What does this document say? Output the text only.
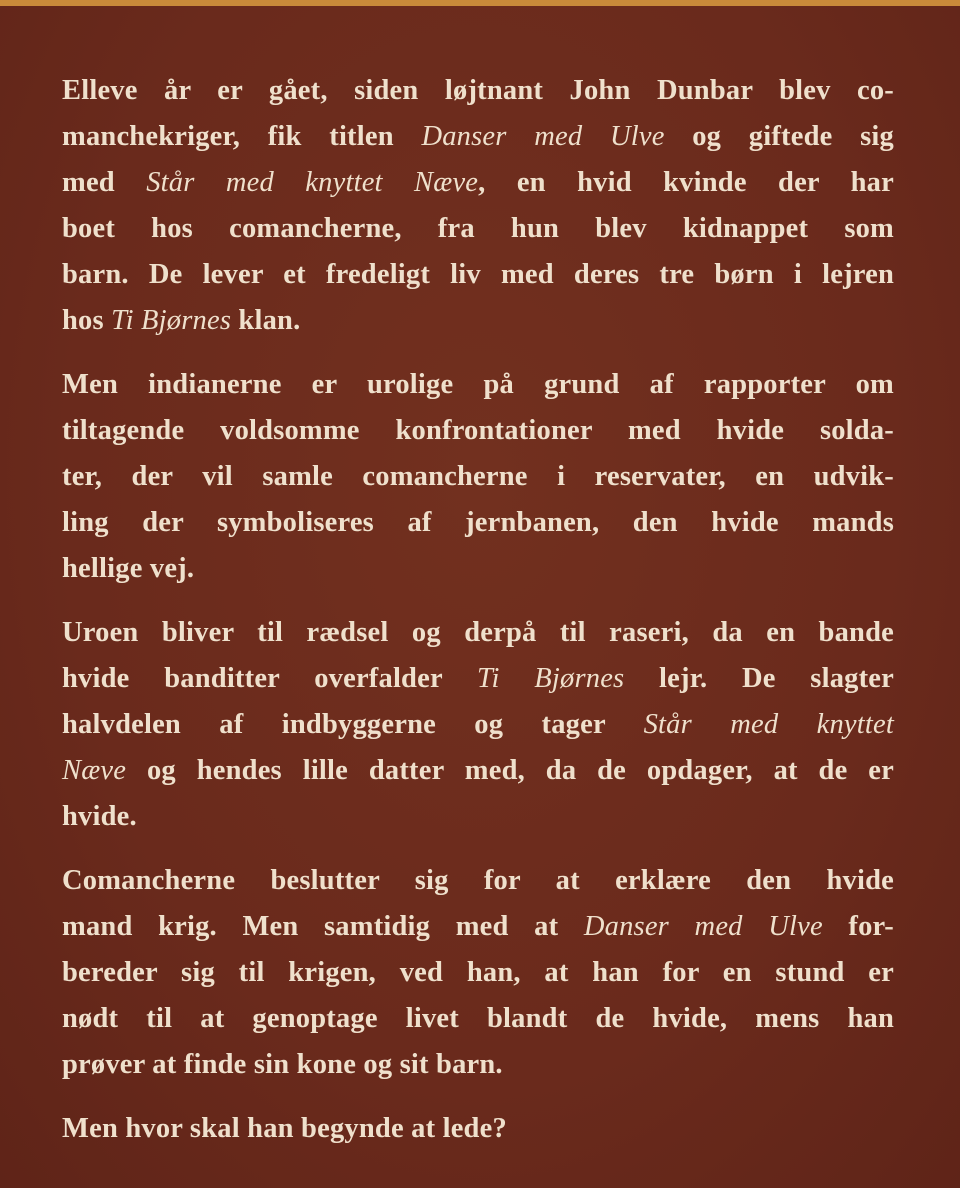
Elleve år er gået, siden løjtnant John Dunbar blev co-
manchekriger, fik titlen Danser med Ulve og giftede sig
med Står med knyttet Næve, en hvid kvinde der har
boet hos comancherne, fra hun blev kidnappet som
barn. De lever et fredeligt liv med deres tre børn i lejren
hos Ti Bjørnes klan.
Men indianerne er urolige på grund af rapporter om
tiltagende voldsomme konfrontationer med hvide solda-
ter, der vil samle comancherne i reservater, en udvik-
ling der symboliseres af jernbanen, den hvide mands
hellige vej.
Uroen bliver til rædsel og derpå til raseri, da en bande
hvide banditter overfalder Ti Bjørnes lejr. De slagter
halvdelen af indbyggerne og tager Står med knyttet
Næve og hendes lille datter med, da de opdager, at de er
hvide.
Comancherne beslutter sig for at erklære den hvide
mand krig. Men samtidig med at Danser med Ulve for-
bereder sig til krigen, ved han, at han for en stund er
nødt til at genoptage livet blandt de hvide, mens han
prøver at finde sin kone og sit barn.
Men hvor skal han begynde at lede?
